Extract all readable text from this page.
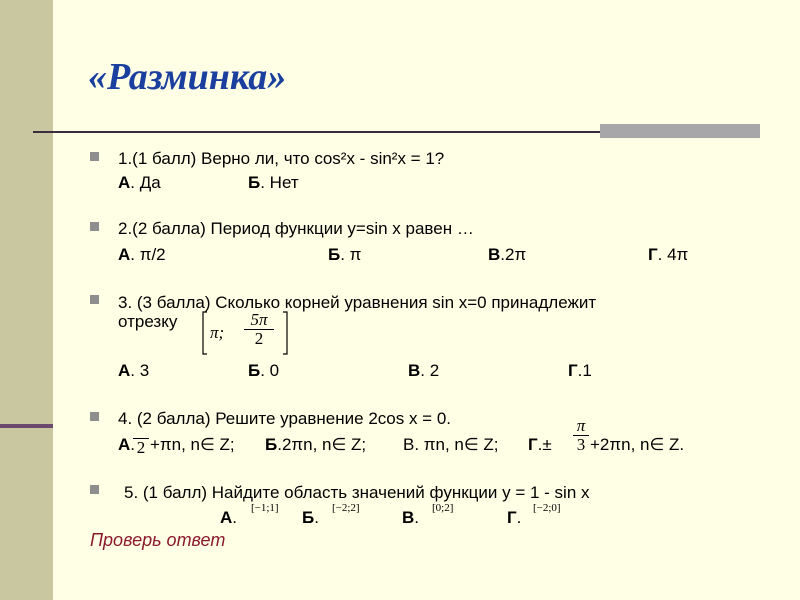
«Разминка»
1.(1 балл) Верно ли, что cos²x - sin²x = 1?
А. Да	Б. Нет
2.(2 балла) Период функции y=sin x равен …
А. π/2	Б. π	В.2π	Г. 4π
3. (3 балла) Сколько корней уравнения sin x=0 принадлежит
отрезку
π;
5π
2
А. 3	Б. 0	В. 2	Г.1
4. (2 балла) Решите уравнение 2cos x = 0.
А. 2 +πn, n∈ Z; Б.2πn, n∈ Z; В. πn, n∈ Z; Г.±
π
3 +2πn, n∈ Z.
5. (1 балл) Найдите область значений функции y = 1 - sin x
А. [−1;1] Б. [−2;2] В. [0;2]	Г. [−2;0]
Проверь ответ
